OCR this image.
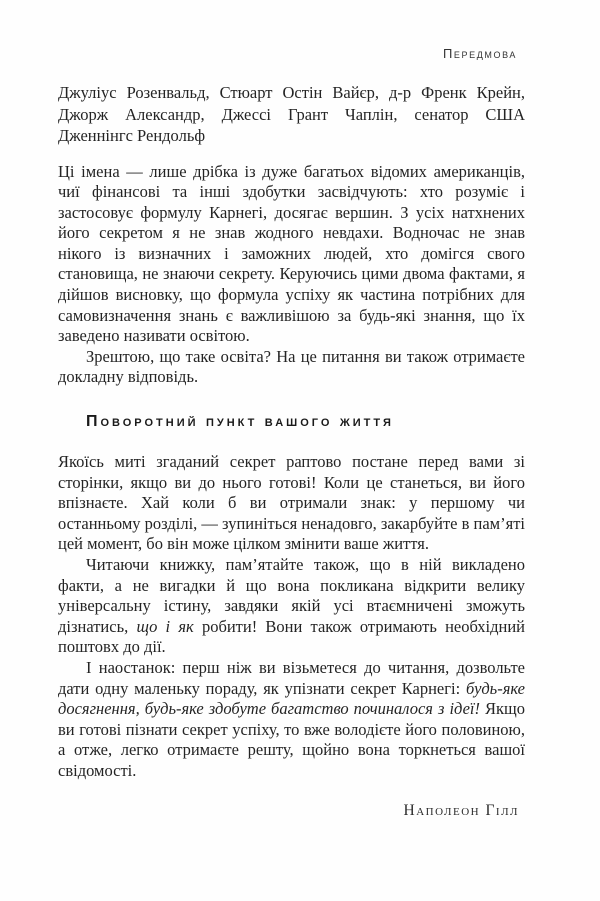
Передмова

Джуліус Розенвальд, Стюарт Остін Вайєр, д-р Френк Крейн, Джорж Александр, Джессі Грант Чаплін, сенатор США Дженнінгс Рендольф

Ці імена — лише дрібка із дуже багатьох відомих американців, чиї фінансові та інші здобутки засвідчують: хто розуміє і застосовує формулу Карнегі, досягає вершин. З усіх натхнених його секретом я не знав жодного невдахи. Водночас не знав нікого із визначних і заможних людей, хто домігся свого становища, не знаючи секрету. Керуючись цими двома фактами, я дійшов висновку, що формула успіху як частина потрібних для самовизначення знань є важливішою за будь-які знання, що їх заведено називати освітою.

Зрештою, що таке освіта? На це питання ви також отримаєте докладну відповідь.

Поворотний пункт вашого життя

Якоїсь миті згаданий секрет раптово постане перед вами зі сторінки, якщо ви до нього готові! Коли це станеться, ви його впізнаєте. Хай коли б ви отримали знак: у першому чи останньому розділі, — зупиніться ненадовго, закарбуйте в пам’яті цей момент, бо він може цілком змінити ваше життя.

Читаючи книжку, пам’ятайте також, що в ній викладено факти, а не вигадки й що вона покликана відкрити велику універсальну істину, завдяки якій усі втаємничені зможуть дізнатись, що і як робити! Вони також отримають необхідний поштовх до дії.

І наостанок: перш ніж ви візьметеся до читання, дозвольте дати одну маленьку пораду, як упізнати секрет Карнегі: будь-яке досягнення, будь-яке здобуте багатство починалося з ідеї! Якщо ви готові пізнати секрет успіху, то вже володієте його половиною, а отже, легко отримаєте решту, щойно вона торкнеться вашої свідомості.

Наполеон Гілл
